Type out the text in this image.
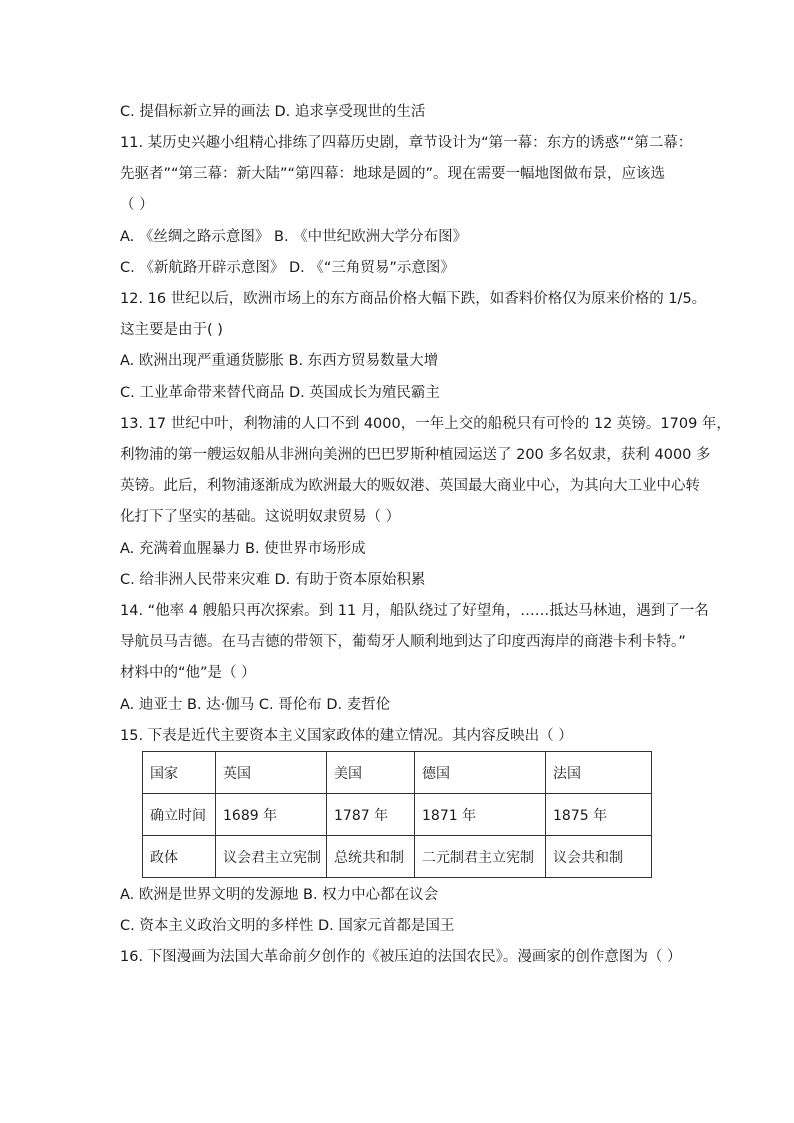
C. 提倡标新立异的画法 D. 追求享受现世的生活
11. 某历史兴趣小组精心排练了四幕历史剧，章节设计为“第一幕：东方的诱惑”“第二幕：
先驱者”“第三幕：新大陆”“第四幕：地球是圆的”。现在需要一幅地图做布景，应该选
（ ）
A. 《丝绸之路示意图》 B. 《中世纪欧洲大学分布图》
C. 《新航路开辟示意图》 D. 《“三角贸易”示意图》
12. 16 世纪以后，欧洲市场上的东方商品价格大幅下跌，如香料价格仅为原来价格的 1/5。
这主要是由于( )
A. 欧洲出现严重通货膨胀 B. 东西方贸易数量大增
C. 工业革命带来替代商品 D. 英国成长为殖民霸主
13. 17 世纪中叶，利物浦的人口不到 4000，一年上交的船税只有可怜的 12 英镑。1709 年，
利物浦的第一艘运奴船从非洲向美洲的巴巴罗斯种植园运送了 200 多名奴隶，获利 4000 多
英镑。此后，利物浦逐渐成为欧洲最大的贩奴港、英国最大商业中心，为其向大工业中心转
化打下了坚实的基础。这说明奴隶贸易（ ）
A. 充满着血腥暴力 B. 使世界市场形成
C. 给非洲人民带来灾难 D. 有助于资本原始积累
14. “他率 4 艘船只再次探索。到 11 月，船队绕过了好望角，……抵达马林迪，遇到了一名
导航员马吉德。在马吉德的带领下，葡萄牙人顺利地到达了印度西海岸的商港卡利卡特。”
材料中的“他”是（ ）
A. 迪亚士 B. 达·伽马 C. 哥伦布 D. 麦哲伦
15. 下表是近代主要资本主义国家政体的建立情况。其内容反映出（ ）
国家	英国	美国	德国	法国
确立时间	1689 年	1787 年	1871 年	1875 年
政体	议会君主立宪制	总统共和制	二元制君主立宪制	议会共和制
A. 欧洲是世界文明的发源地 B. 权力中心都在议会
C. 资本主义政治文明的多样性 D. 国家元首都是国王
16. 下图漫画为法国大革命前夕创作的《被压迫的法国农民》。漫画家的创作意图为（ ）
